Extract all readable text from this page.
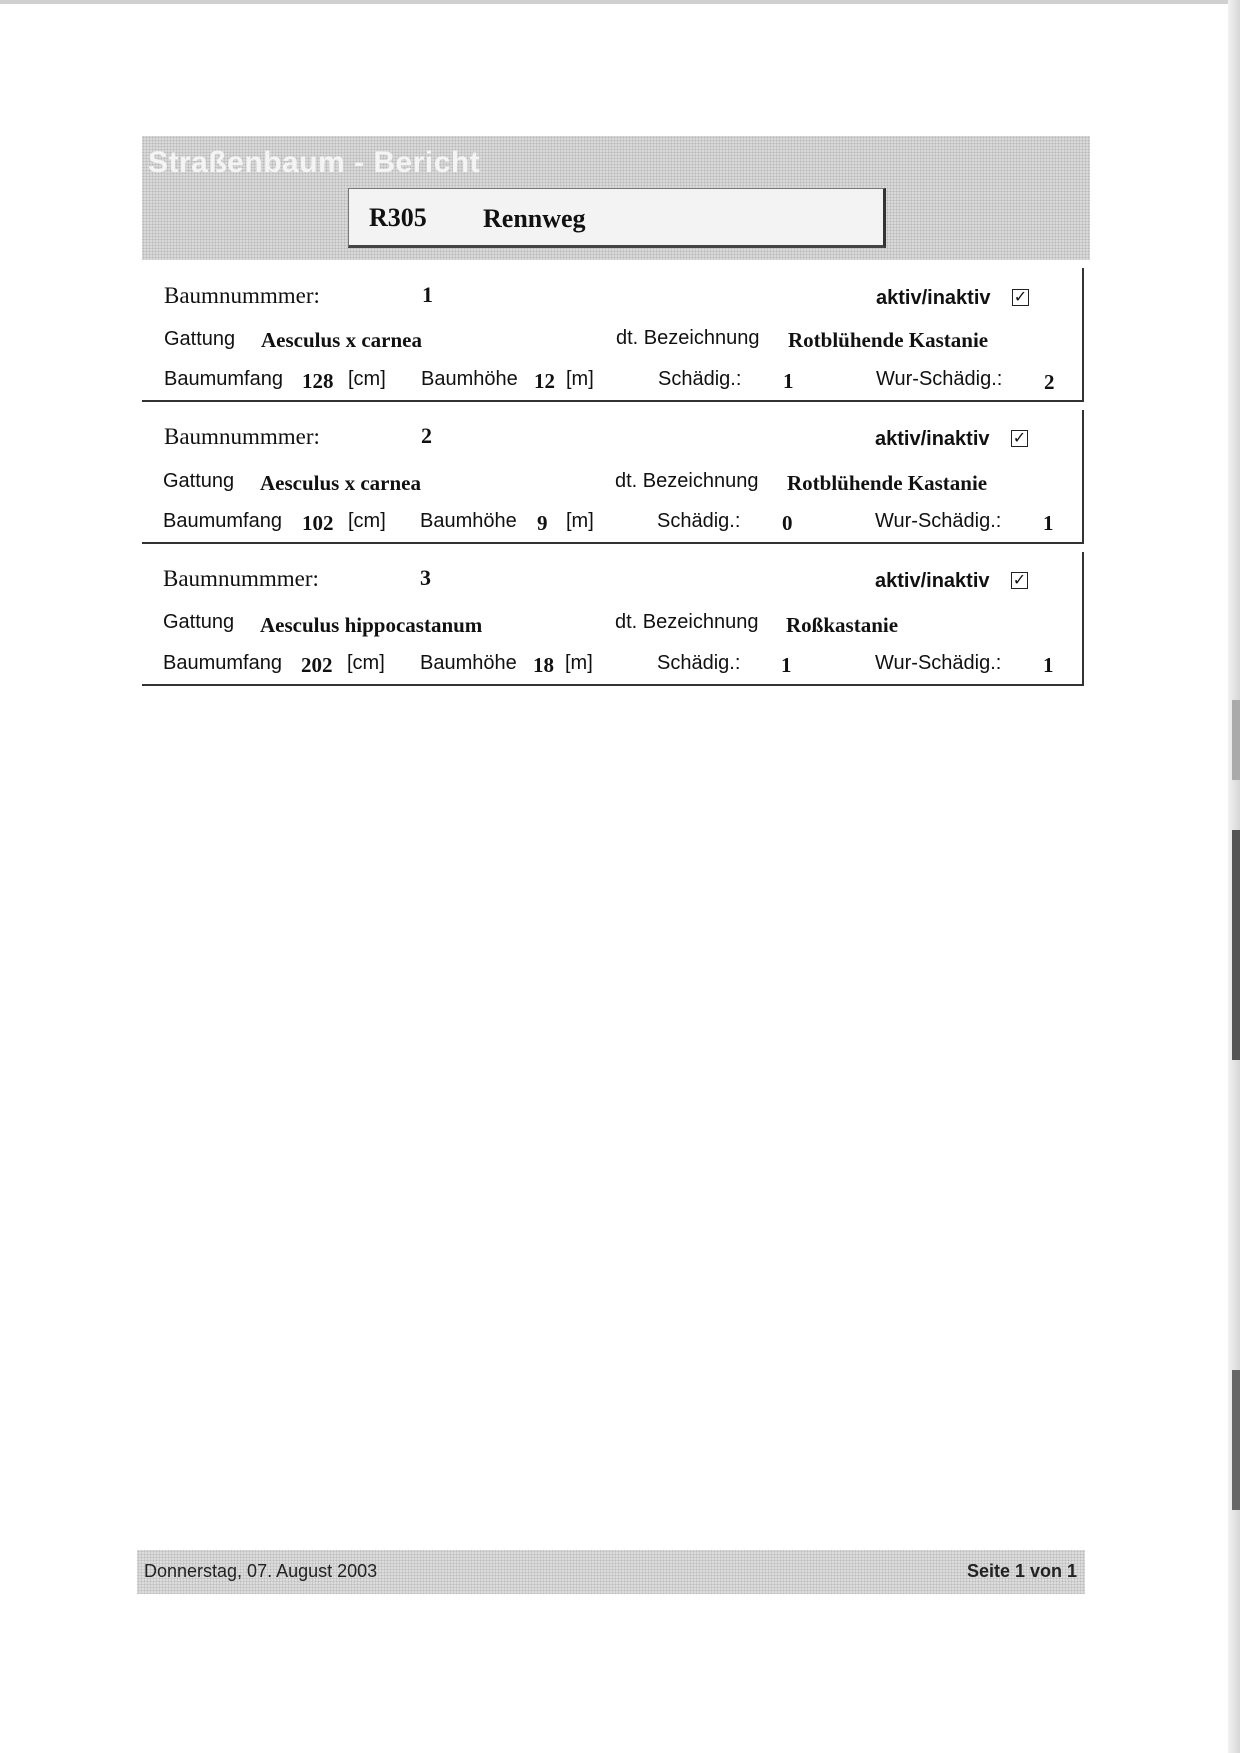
Straßenbaum - Bericht
R305 Rennweg
Baumnummmer:	1	aktiv/inaktiv ✓
Gattung Aesculus x carnea	dt. Bezeichnung Rotblühende Kastanie
Baumumfang 128 [cm] Baumhöhe 12 [m]	Schädig.: 1	Wur-Schädig.: 2
Baumnummmer:	2	aktiv/inaktiv ✓
Gattung Aesculus x carnea	dt. Bezeichnung Rotblühende Kastanie
Baumumfang 102 [cm] Baumhöhe 9 [m]	Schädig.: 0	Wur-Schädig.: 1
Baumnummmer:	3	aktiv/inaktiv ✓
Gattung Aesculus hippocastanum	dt. Bezeichnung Roßkastanie
Baumumfang 202 [cm] Baumhöhe 18 [m]	Schädig.: 1	Wur-Schädig.: 1
Donnerstag, 07. August 2003	Seite 1 von 1
